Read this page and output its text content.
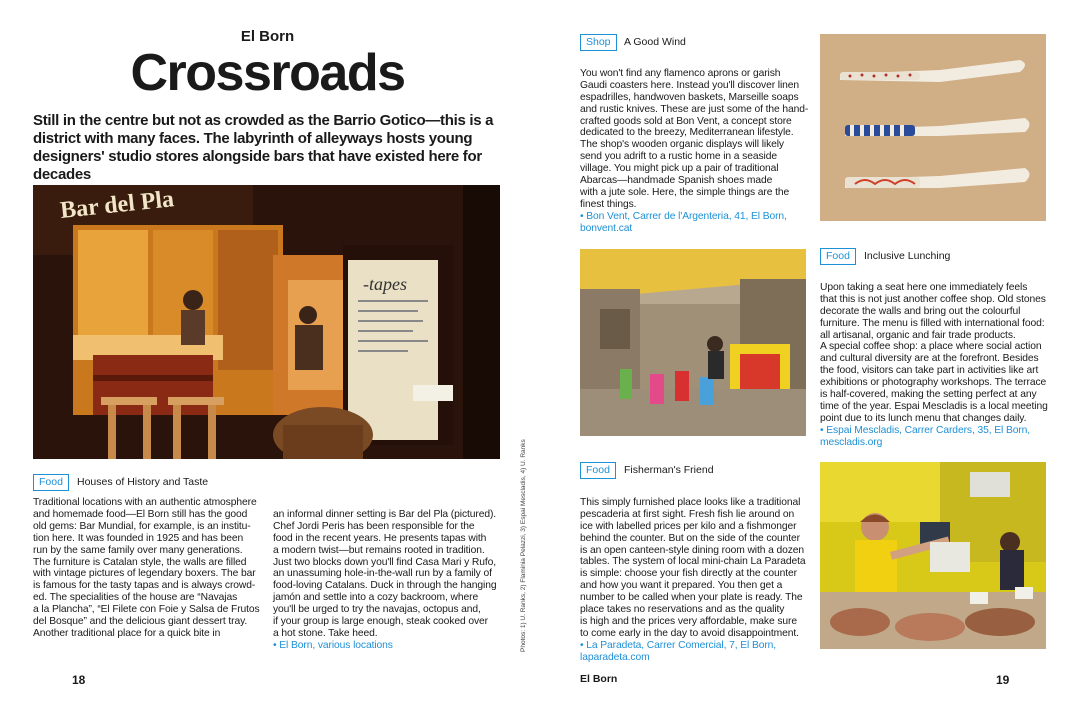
El Born
Crossroads
Still in the centre but not as crowded as the Barrio Gotico—this is a district with many faces. The labyrinth of alleyways hosts young designers' studio stores alongside bars that have existed here for decades
-tapes
Bar del Pla
Food	Houses of History and Taste
Traditional locations with an authentic atmosphere
and homemade food—El Born still has the good
old gems: Bar Mundial, for example, is an institu-
tion here. It was founded in 1925 and has been
run by the same family over many generations.
The furniture is Catalan style, the walls are filled
with vintage pictures of legendary boxers. The bar
is famous for the tasty tapas and is always crowd-
ed. The specialities of the house are “Navajas
a la Plancha”, “El Filete con Foie y Salsa de Frutos
del Bosque” and the delicious giant dessert tray.
Another traditional place for a quick bite in

an informal dinner setting is Bar del Pla (pictured).
Chef Jordi Peris has been responsible for the
food in the recent years. He presents tapas with
a modern twist—but remains rooted in tradition.
Just two blocks down you'll find Casa Mari y Rufo,
an unassuming hole-in-the-wall run by a family of
food-loving Catalans. Duck in through the hanging
jamón and settle into a cozy backroom, where
you'll be urged to try the navajas, octopus and,
if your group is large enough, steak cooked over
a hot stone. Take heed.

• El Born, various locations	Photos: 1) U. Ranks, 2) Flaminia Pelazzi, 3) Espai Mescladis, 4) U. Ranks
18
Shop	A Good Wind

You won't find any flamenco aprons or garish
Gaudi coasters here. Instead you'll discover linen
espadrilles, handwoven baskets, Marseille soaps
and rustic knives. These are just some of the hand-
crafted goods sold at Bon Vent, a concept store
dedicated to the breezy, Mediterranean lifestyle.
The shop's wooden organic displays will likely
send you adrift to a rustic home in a seaside
village. You might pick up a pair of traditional
Abarcas—handmade Spanish shoes made
with a jute sole. Here, the simple things are the
finest things.

• Bon Vent, Carrer de l'Argenteria, 41, El Born,
bonvent.cat

Food	Inclusive Lunching

Upon taking a seat here one immediately feels
that this is not just another coffee shop. Old stones
decorate the walls and bring out the colourful
furniture. The menu is filled with international food:
all artisanal, organic and fair trade products.
A special coffee shop: a place where social action
and cultural diversity are at the forefront. Besides
the food, visitors can take part in activities like art
exhibitions or photography workshops. The terrace
is half-covered, making the setting perfect at any
time of the year. Espai Mescladis is a local meeting
point due to its lunch menu that changes daily.

• Espai Mescladis, Carrer Carders, 35, El Born,
mescladis.org

Food	Fisherman's Friend

This simply furnished place looks like a traditional
pescaderia at first sight. Fresh fish lie around on
ice with labelled prices per kilo and a fishmonger
behind the counter. But on the side of the counter
is an open canteen-style dining room with a dozen
tables. The system of local mini-chain La Paradeta
is simple: choose your fish directly at the counter
and how you want it prepared. You then get a
number to be called when your plate is ready. The
place takes no reservations and as the quality
is high and the prices very affordable, make sure
to come early in the day to avoid disappointment.

• La Paradeta, Carrer Comercial, 7, El Born,
laparadeta.com

El Born	19
